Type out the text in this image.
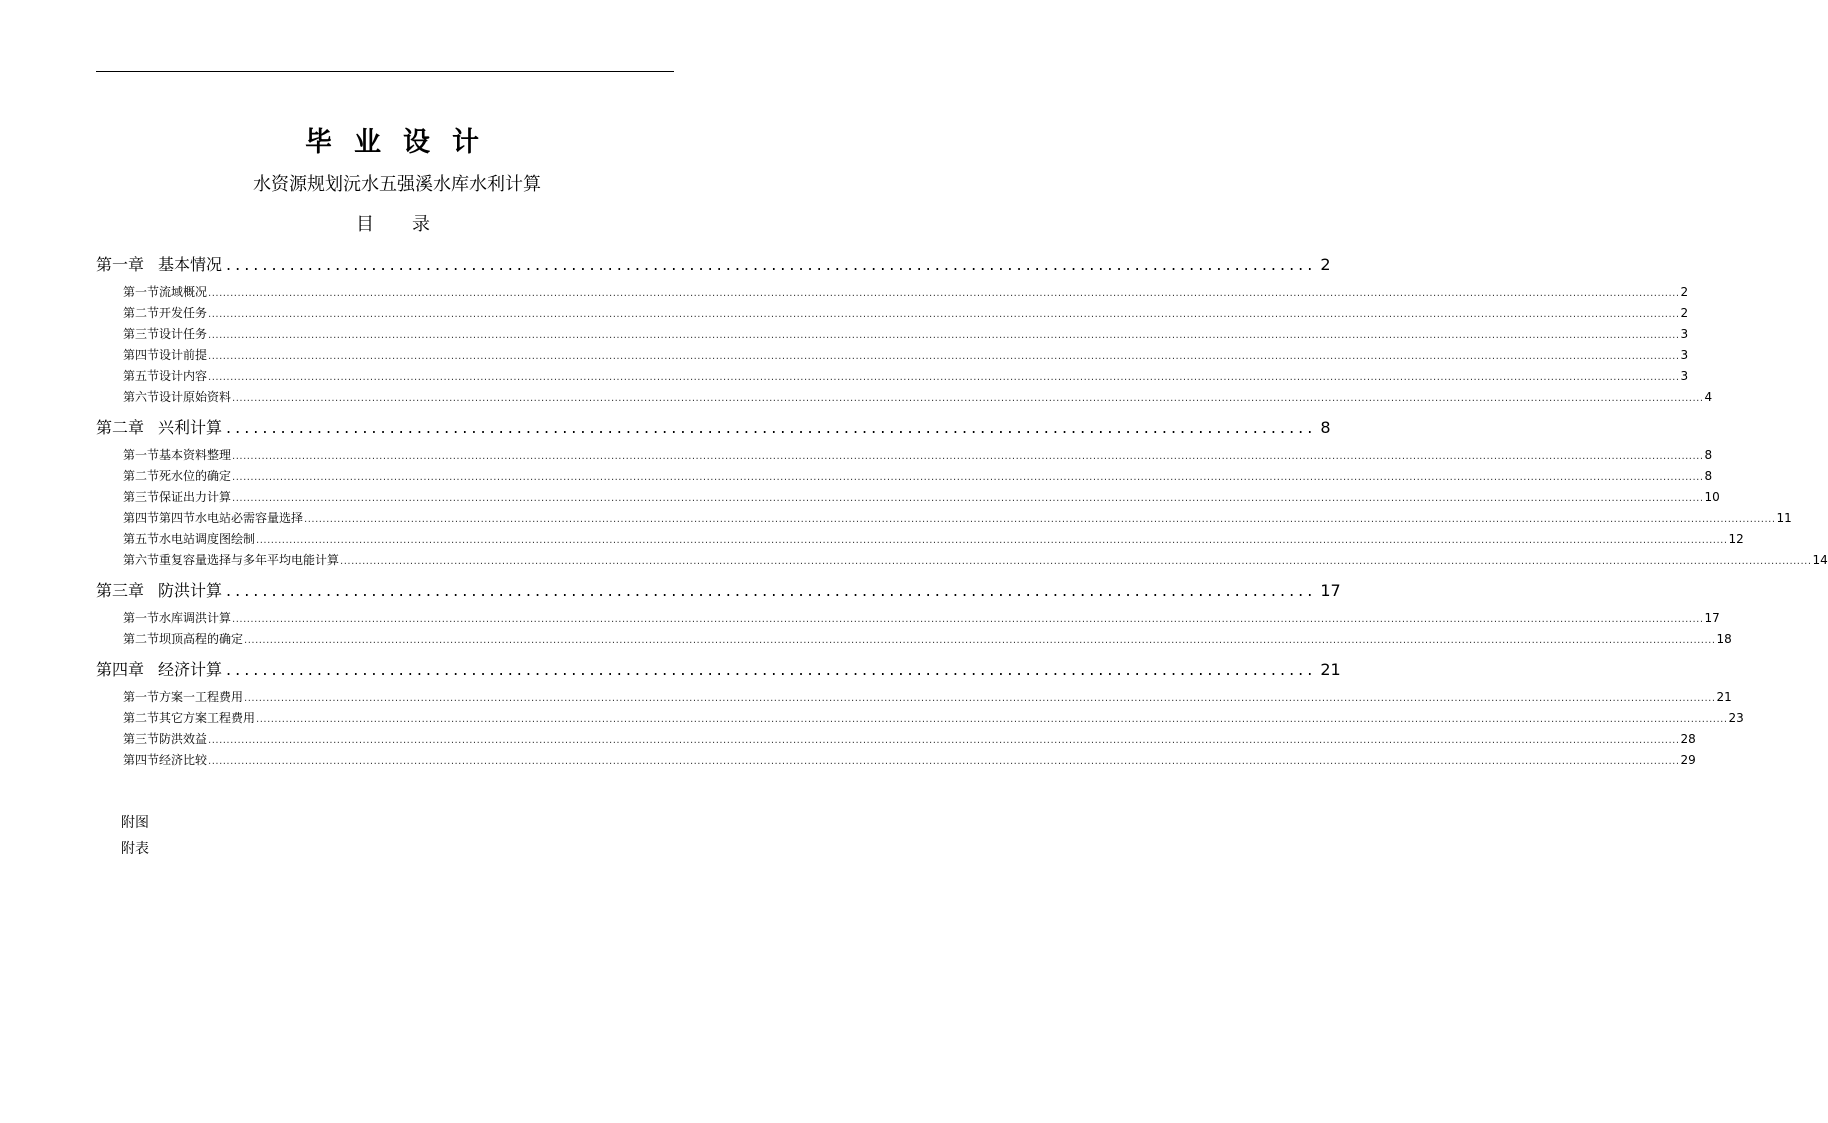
毕业设计
水资源规划沅水五强溪水库水利计算
目录
第一章 基本情况 ........................................................................................................................ 2
第一节 流域概况 ................................................................................................................................................................................................................................................................................................................................................................................................................ 2
第二节 开发任务 ................................................................................................................................................................................................................................................................................................................................................................................................................ 2
第三节 设计任务 ................................................................................................................................................................................................................................................................................................................................................................................................................ 3
第四节 设计前提 ................................................................................................................................................................................................................................................................................................................................................................................................................ 3
第五节 设计内容 ................................................................................................................................................................................................................................................................................................................................................................................................................ 3
第六节 设计原始资料 ................................................................................................................................................................................................................................................................................................................................................................................................................ 4
第二章 兴利计算 ........................................................................................................................ 8
第一节 基本资料整理 ................................................................................................................................................................................................................................................................................................................................................................................................................ 8
第二节 死水位的确定 ................................................................................................................................................................................................................................................................................................................................................................................................................ 8
第三节 保证出力计算 ................................................................................................................................................................................................................................................................................................................................................................................................................ 10
第四节 第四节水电站必需容量选择 ................................................................................................................................................................................................................................................................................................................................................................................................................ 11
第五节 水电站调度图绘制 ................................................................................................................................................................................................................................................................................................................................................................................................................ 12
第六节 重复容量选择与多年平均电能计算 ................................................................................................................................................................................................................................................................................................................................................................................................................ 14
第三章 防洪计算 ........................................................................................................................ 17
第一节 水库调洪计算 ................................................................................................................................................................................................................................................................................................................................................................................................................ 17
第二节 坝顶高程的确定 ................................................................................................................................................................................................................................................................................................................................................................................................................ 18
第四章 经济计算 ........................................................................................................................ 21
第一节 方案一工程费用 ................................................................................................................................................................................................................................................................................................................................................................................................................ 21
第二节 其它方案工程费用 ................................................................................................................................................................................................................................................................................................................................................................................................................ 23
第三节 防洪效益 ................................................................................................................................................................................................................................................................................................................................................................................................................ 28
第四节 经济比较 ................................................................................................................................................................................................................................................................................................................................................................................................................ 29
附图
附表
